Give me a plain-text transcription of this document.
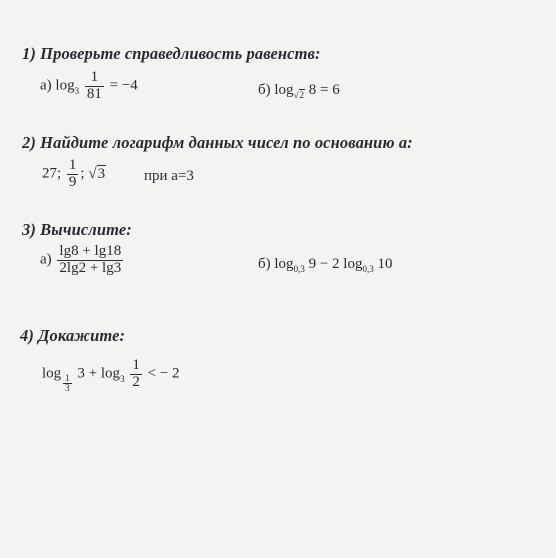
1) Проверьте справедливость равенств:
а) $\log_3 \frac{1}{81} = -4$	б) $\log_{√2} 8 = 6$
2) Найдите логарифм данных чисел по основанию а:
27; $\frac{1}{9}$ ; √3	при а=3
3) Вычислите:
$а) \frac{\lg 8 + \lg 18}{2\lg 2 + \lg 3}$	б) $\log_{0,3} 9 - 2$ $\log_{0,3} 10$
4) Докажите:
log $_{\frac{1}{3}}$ $3 + \log_3 \frac{1}{2}$ < − 2
